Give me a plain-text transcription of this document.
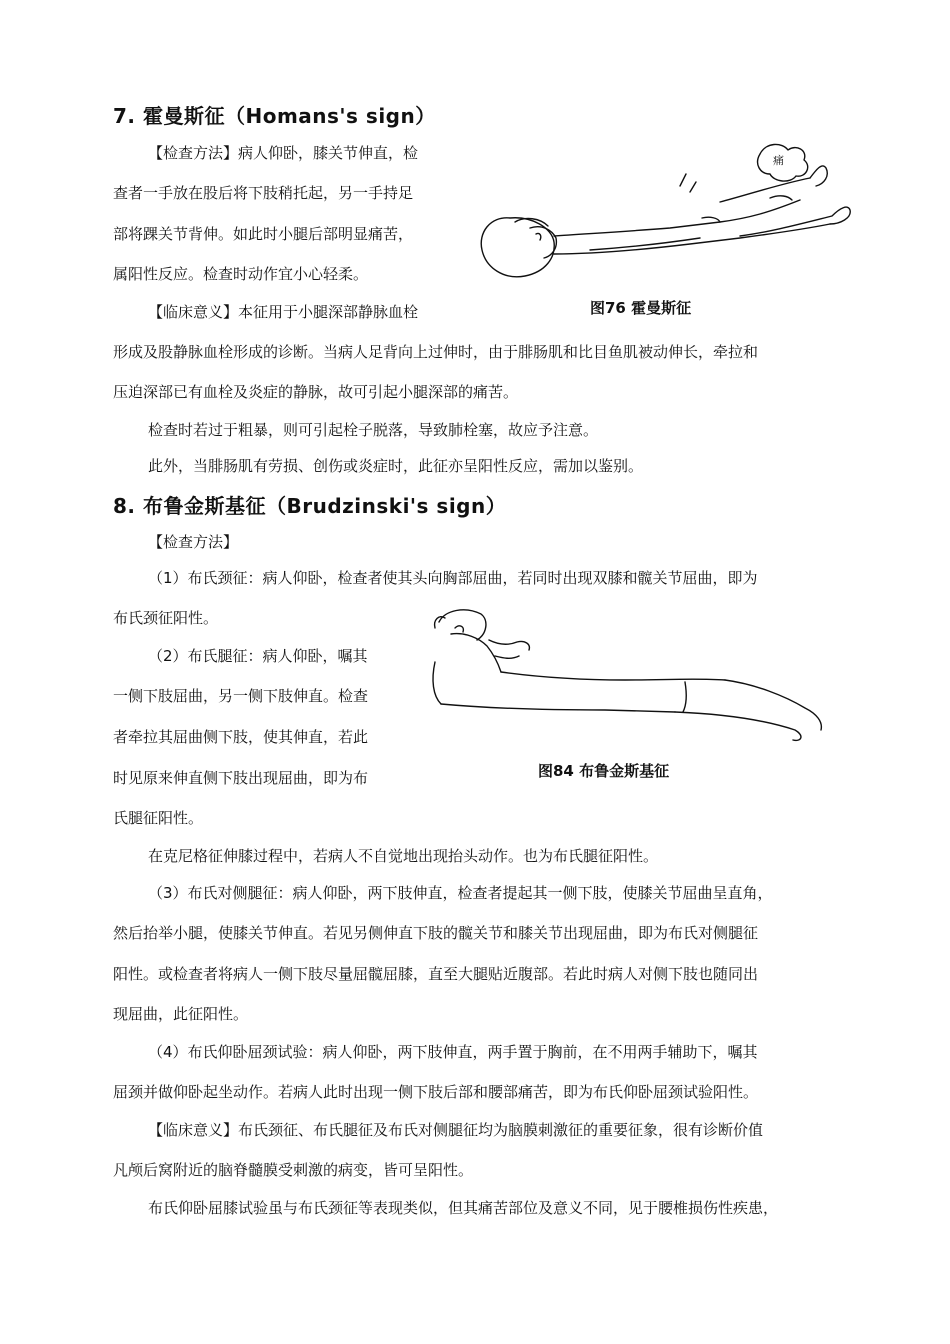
7. 霍曼斯征（Homans's sign）
【检查方法】病人仰卧，膝关节伸直，检
查者一手放在股后将下肢稍托起，另一手持足
部将踝关节背伸。如此时小腿后部明显痛苦，
属阳性反应。检查时动作宜小心轻柔。
【临床意义】本征用于小腿深部静脉血栓
形成及股静脉血栓形成的诊断。当病人足背向上过伸时，由于腓肠肌和比目鱼肌被动伸长，牵拉和
压迫深部已有血栓及炎症的静脉，故可引起小腿深部的痛苦。
检查时若过于粗暴，则可引起栓子脱落，导致肺栓塞，故应予注意。
此外，当腓肠肌有劳损、创伤或炎症时，此征亦呈阳性反应，需加以鉴别。
痛
图76 霍曼斯征
8. 布鲁金斯基征（Brudzinski's sign）
【检查方法】
（1）布氏颈征：病人仰卧，检查者使其头向胸部屈曲，若同时出现双膝和髋关节屈曲，即为
布氏颈征阳性。
（2）布氏腿征：病人仰卧，嘱其
一侧下肢屈曲，另一侧下肢伸直。检查
者牵拉其屈曲侧下肢，使其伸直，若此
时见原来伸直侧下肢出现屈曲，即为布
氏腿征阳性。
图84 布鲁金斯基征
在克尼格征伸膝过程中，若病人不自觉地出现抬头动作。也为布氏腿征阳性。
（3）布氏对侧腿征：病人仰卧，两下肢伸直，检查者提起其一侧下肢，使膝关节屈曲呈直角，
然后抬举小腿，使膝关节伸直。若见另侧伸直下肢的髋关节和膝关节出现屈曲，即为布氏对侧腿征
阳性。或检查者将病人一侧下肢尽量屈髋屈膝，直至大腿贴近腹部。若此时病人对侧下肢也随同出
现屈曲，此征阳性。
（4）布氏仰卧屈颈试验：病人仰卧，两下肢伸直，两手置于胸前，在不用两手辅助下，嘱其
屈颈并做仰卧起坐动作。若病人此时出现一侧下肢后部和腰部痛苦，即为布氏仰卧屈颈试验阳性。
【临床意义】布氏颈征、布氏腿征及布氏对侧腿征均为脑膜刺激征的重要征象，很有诊断价值
凡颅后窝附近的脑脊髓膜受刺激的病变，皆可呈阳性。
布氏仰卧屈膝试验虽与布氏颈征等表现类似，但其痛苦部位及意义不同，见于腰椎损伤性疾患，
